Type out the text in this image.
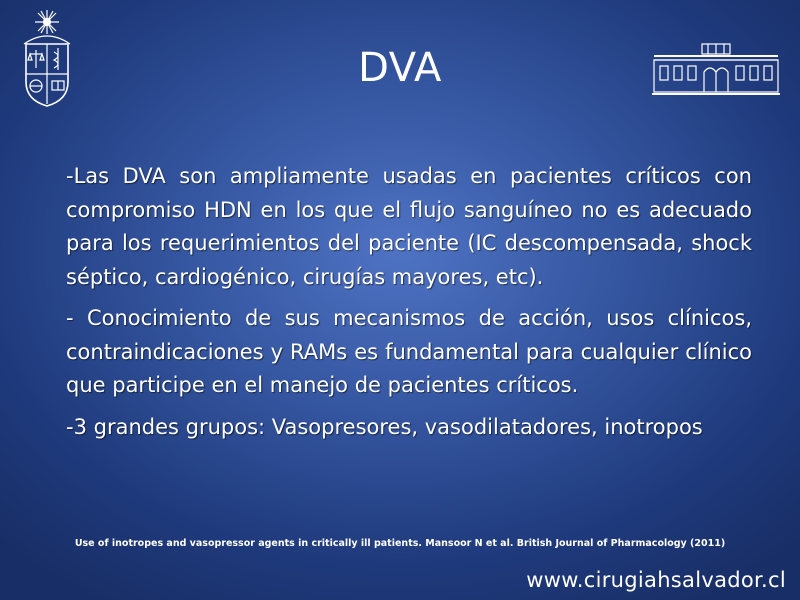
DVA

-Las DVA son ampliamente usadas en pacientes críticos con compromiso HDN en los que el flujo sanguíneo no es adecuado para los requerimientos del paciente (IC descompensada, shock séptico, cardiogénico, cirugías mayores, etc).

- Conocimiento de sus mecanismos de acción, usos clínicos, contraindicaciones y RAMs es fundamental para cualquier clínico que participe en el manejo de pacientes críticos.

-3 grandes grupos: Vasopresores, vasodilatadores, inotropos

Use of inotropes and vasopressor agents in critically ill patients. Mansoor N et al. British Journal of Pharmacology (2011)
www.cirugiahsalvador.cl
